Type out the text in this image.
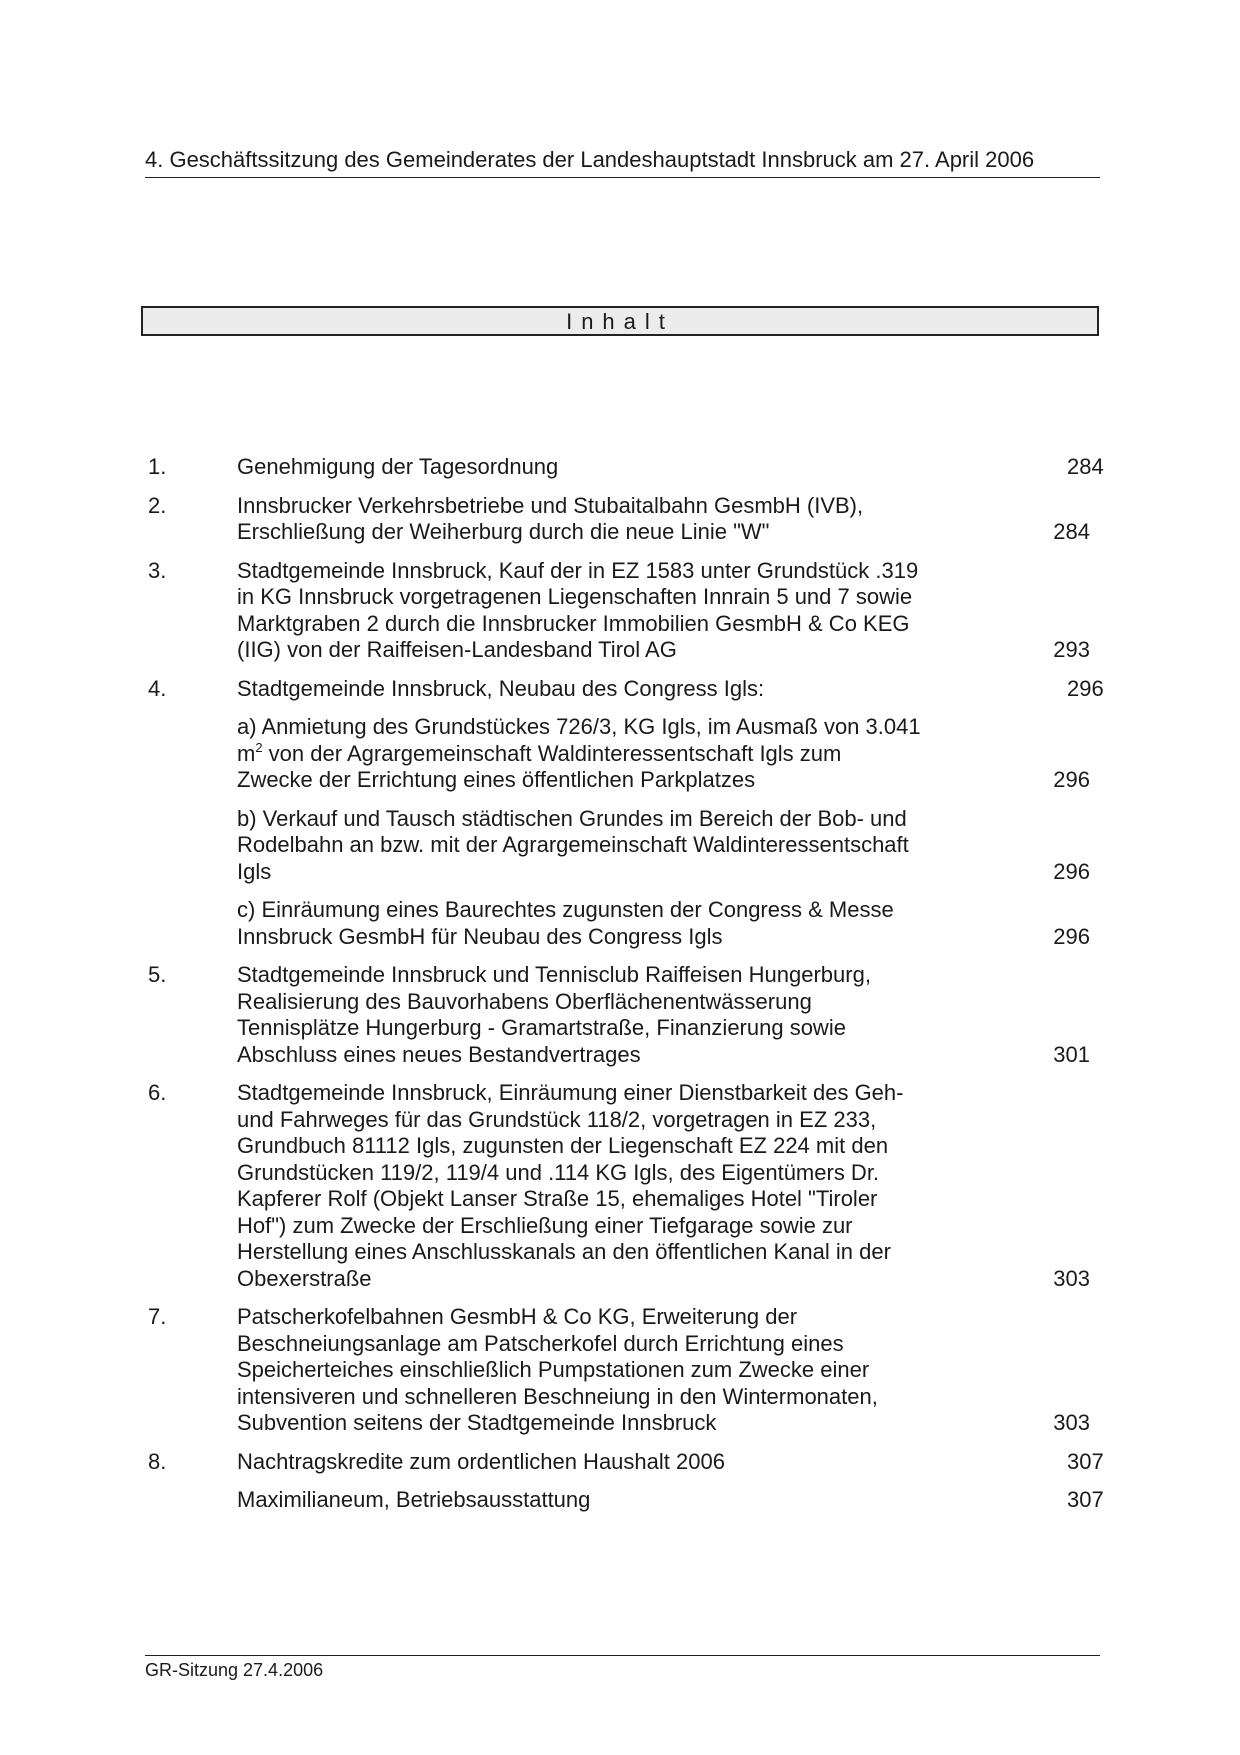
4. Geschäftssitzung des Gemeinderates der Landeshauptstadt Innsbruck am 27. April 2006
Inhalt
1.	Genehmigung der Tagesordnung	284
2.	Innsbrucker Verkehrsbetriebe und Stubaitalbahn GesmbH (IVB), Erschließung der Weiherburg durch die neue Linie "W"	284
3.	Stadtgemeinde Innsbruck, Kauf der in EZ 1583 unter Grundstück .319 in KG Innsbruck vorgetragenen Liegenschaften Innrain 5 und 7 sowie Marktgraben 2 durch die Innsbrucker Immobilien GesmbH & Co KEG (IIG) von der Raiffeisen-Landesband Tirol AG	293
4.	Stadtgemeinde Innsbruck, Neubau des Congress Igls:	296
a) Anmietung des Grundstückes 726/3, KG Igls, im Ausmaß von 3.041 $m^2$ von der Agrargemeinschaft Waldinteressentschaft Igls zum Zwecke der Errichtung eines öffentlichen Parkplatzes	296
b) Verkauf und Tausch städtischen Grundes im Bereich der Bob- und Rodelbahn an bzw. mit der Agrargemeinschaft Waldinteressentschaft Igls	296
c) Einräumung eines Baurechtes zugunsten der Congress & Messe Innsbruck GesmbH für Neubau des Congress Igls	296
5.	Stadtgemeinde Innsbruck und Tennisclub Raiffeisen Hungerburg, Realisierung des Bauvorhabens Oberflächenentwässerung Tennisplätze Hungerburg - Gramartstraße, Finanzierung sowie Abschluss eines neues Bestandvertrages	301
6.	Stadtgemeinde Innsbruck, Einräumung einer Dienstbarkeit des Geh- und Fahrweges für das Grundstück 118/2, vorgetragen in EZ 233, Grundbuch 81112 Igls, zugunsten der Liegenschaft EZ 224 mit den Grundstücken 119/2, 119/4 und .114 KG Igls, des Eigentümers Dr. Kapferer Rolf (Objekt Lanser Straße 15, ehemaliges Hotel "Tiroler Hof") zum Zwecke der Erschließung einer Tiefgarage sowie zur Herstellung eines Anschlusskanals an den öffentlichen Kanal in der Obexerstraße	303
7.	Patscherkofelbahnen GesmbH & Co KG, Erweiterung der Beschneiungsanlage am Patscherkofel durch Errichtung eines Speicherteiches einschließlich Pumpstationen zum Zwecke einer intensiveren und schnelleren Beschneiung in den Wintermonaten, Subvention seitens der Stadtgemeinde Innsbruck	303
8.	Nachtragskredite zum ordentlichen Haushalt 2006	307
Maximilianeum, Betriebsausstattung	307
GR-Sitzung 27.4.2006
